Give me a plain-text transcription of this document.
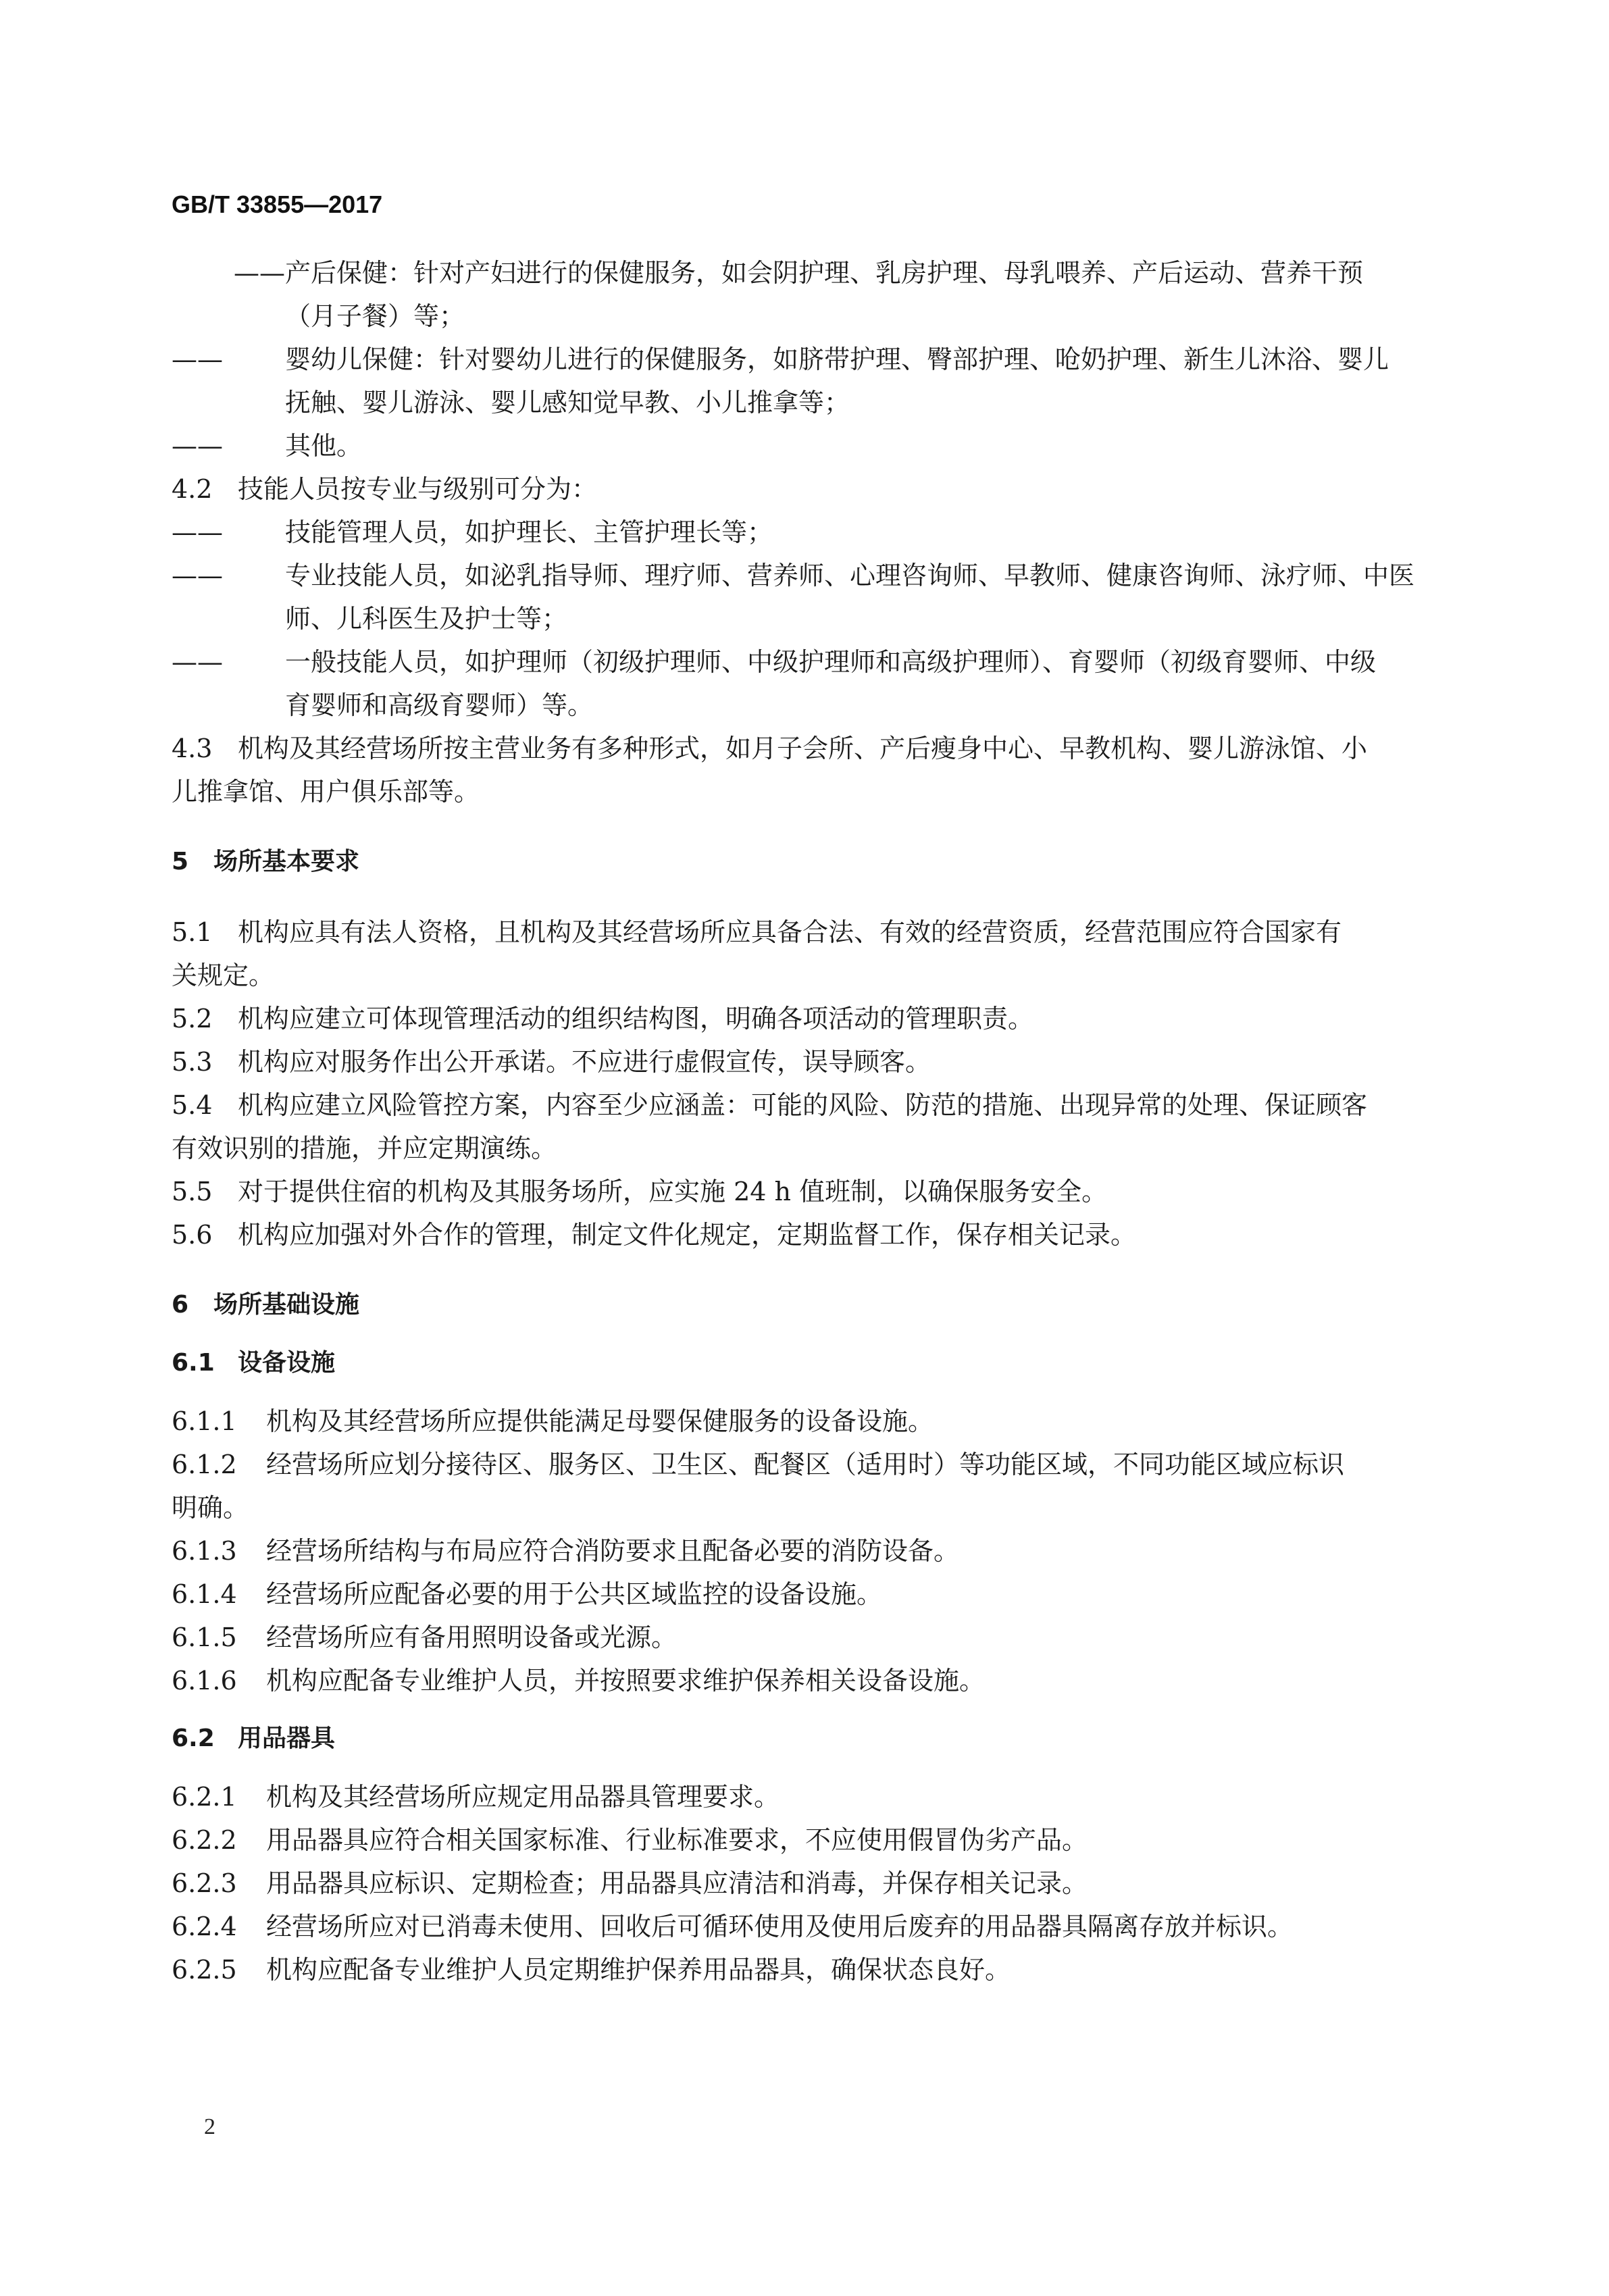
GB/T 33855—2017
——产后保健：针对产妇进行的保健服务，如会阴护理、乳房护理、母乳喂养、产后运动、营养干预
（月子餐）等；
—— 婴幼儿保健：针对婴幼儿进行的保健服务，如脐带护理、臀部护理、呛奶护理、新生儿沐浴、婴儿
抚触、婴儿游泳、婴儿感知觉早教、小儿推拿等；
—— 其他。
4.2 技能人员按专业与级别可分为：
—— 技能管理人员，如护理长、主管护理长等；
—— 专业技能人员，如泌乳指导师、理疗师、营养师、心理咨询师、早教师、健康咨询师、泳疗师、中医
师、儿科医生及护士等；
—— 一般技能人员，如护理师（初级护理师、中级护理师和高级护理师）、育婴师（初级育婴师、中级
育婴师和高级育婴师）等。
4.3 机构及其经营场所按主营业务有多种形式，如月子会所、产后瘦身中心、早教机构、婴儿游泳馆、小
儿推拿馆、用户俱乐部等。
5 场所基本要求
5.1 机构应具有法人资格，且机构及其经营场所应具备合法、有效的经营资质，经营范围应符合国家有
关规定。
5.2 机构应建立可体现管理活动的组织结构图，明确各项活动的管理职责。
5.3 机构应对服务作出公开承诺。不应进行虚假宣传，误导顾客。
5.4 机构应建立风险管控方案，内容至少应涵盖：可能的风险、防范的措施、出现异常的处理、保证顾客
有效识别的措施，并应定期演练。
5.5 对于提供住宿的机构及其服务场所，应实施 24 h 值班制，以确保服务安全。
5.6 机构应加强对外合作的管理，制定文件化规定，定期监督工作，保存相关记录。
6 场所基础设施
6.1 设备设施
6.1.1 机构及其经营场所应提供能满足母婴保健服务的设备设施。
6.1.2 经营场所应划分接待区、服务区、卫生区、配餐区（适用时）等功能区域，不同功能区域应标识
明确。
6.1.3 经营场所结构与布局应符合消防要求且配备必要的消防设备。
6.1.4 经营场所应配备必要的用于公共区域监控的设备设施。
6.1.5 经营场所应有备用照明设备或光源。
6.1.6 机构应配备专业维护人员，并按照要求维护保养相关设备设施。
6.2 用品器具
6.2.1 机构及其经营场所应规定用品器具管理要求。
6.2.2 用品器具应符合相关国家标准、行业标准要求，不应使用假冒伪劣产品。
6.2.3 用品器具应标识、定期检查；用品器具应清洁和消毒，并保存相关记录。
6.2.4 经营场所应对已消毒未使用、回收后可循环使用及使用后废弃的用品器具隔离存放并标识。
6.2.5 机构应配备专业维护人员定期维护保养用品器具，确保状态良好。
2
